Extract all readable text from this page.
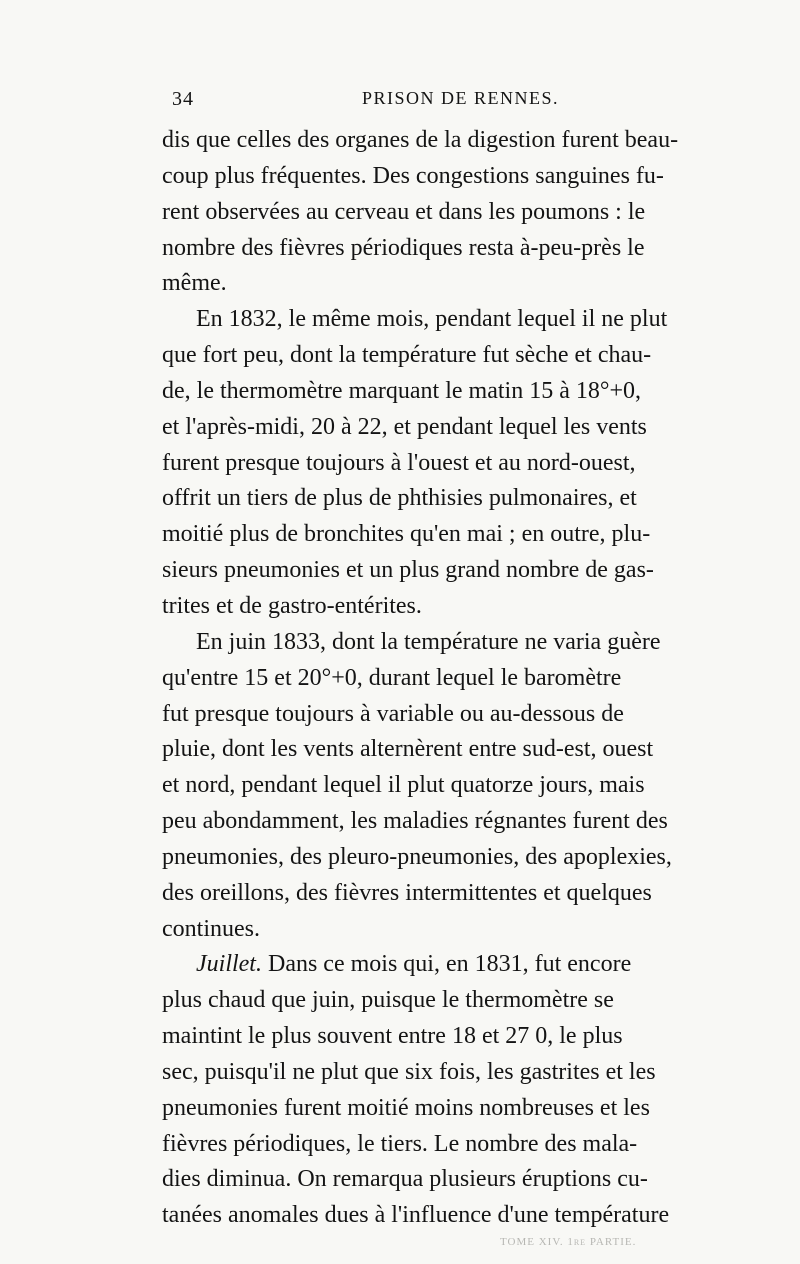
34	PRISON DE RENNES.
dis que celles des organes de la digestion furent beau-
coup plus fréquentes. Des congestions sanguines fu-
rent observées au cerveau et dans les poumons : le
nombre des fièvres périodiques resta à-peu-près le
même.
En 1832, le même mois, pendant lequel il ne plut
que fort peu, dont la température fut sèche et chau-
de, le thermomètre marquant le matin 15 à 18°+0,
et l'après-midi, 20 à 22, et pendant lequel les vents
furent presque toujours à l'ouest et au nord-ouest,
offrit un tiers de plus de phthisies pulmonaires, et
moitié plus de bronchites qu'en mai ; en outre, plu-
sieurs pneumonies et un plus grand nombre de gas-
trites et de gastro-entérites.
En juin 1833, dont la température ne varia guère
qu'entre 15 et 20°+0, durant lequel le baromètre
fut presque toujours à variable ou au-dessous de
pluie, dont les vents alternèrent entre sud-est, ouest
et nord, pendant lequel il plut quatorze jours, mais
peu abondamment, les maladies régnantes furent des
pneumonies, des pleuro-pneumonies, des apoplexies,
des oreillons, des fièvres intermittentes et quelques
continues.
Juillet. Dans ce mois qui, en 1831, fut encore
plus chaud que juin, puisque le thermomètre se
maintint le plus souvent entre 18 et 27 0, le plus
sec, puisqu'il ne plut que six fois, les gastrites et les
pneumonies furent moitié moins nombreuses et les
fièvres périodiques, le tiers. Le nombre des mala-
dies diminua. On remarqua plusieurs éruptions cu-
tanées anomales dues à l'influence d'une température
TOME XIV. 1re PARTIE.
